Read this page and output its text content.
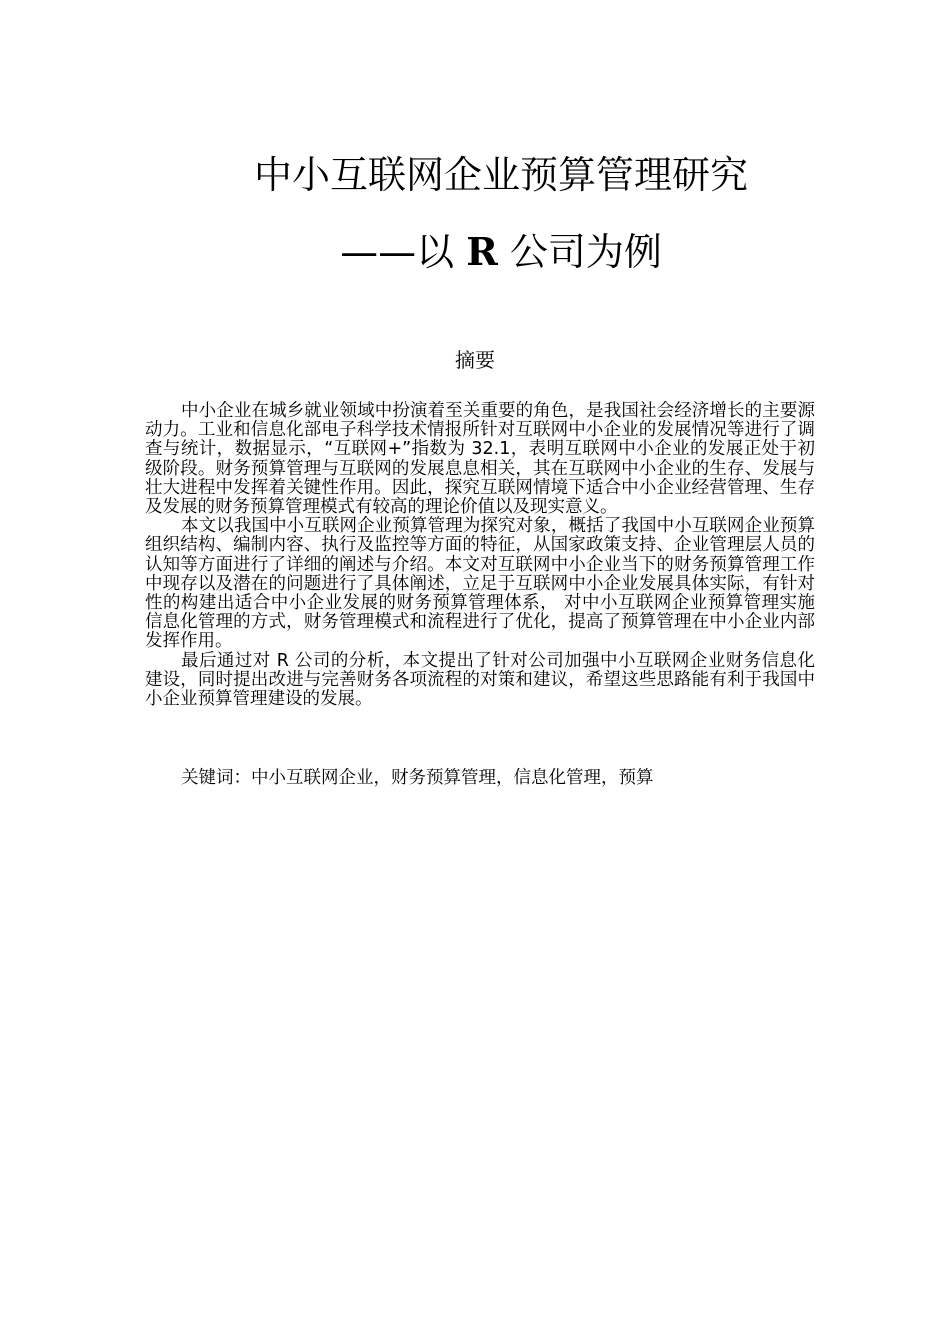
中小互联网企业预算管理研究
——以 R 公司为例
摘要

中小企业在城乡就业领域中扮演着至关重要的角色，是我国社会经济增长的主要源动力。工业和信息化部电子科学技术情报所针对互联网中小企业的发展情况等进行了调查与统计，数据显示，“互联网+”指数为 32.1，表明互联网中小企业的发展正处于初级阶段。财务预算管理与互联网的发展息息相关，其在互联网中小企业的生存、发展与壮大进程中发挥着关键性作用。因此，探究互联网情境下适合中小企业经营管理、生存及发展的财务预算管理模式有较高的理论价值以及现实意义。

本文以我国中小互联网企业预算管理为探究对象，概括了我国中小互联网企业预算组织结构、编制内容、执行及监控等方面的特征，从国家政策支持、企业管理层人员的认知等方面进行了详细的阐述与介绍。本文对互联网中小企业当下的财务预算管理工作中现存以及潜在的问题进行了具体阐述，立足于互联网中小企业发展具体实际，有针对性的构建出适合中小企业发展的财务预算管理体系， 对中小互联网企业预算管理实施信息化管理的方式，财务管理模式和流程进行了优化，提高了预算管理在中小企业内部发挥作用。

最后通过对 R 公司的分析，本文提出了针对公司加强中小互联网企业财务信息化建设，同时提出改进与完善财务各项流程的对策和建议，希望这些思路能有利于我国中小企业预算管理建设的发展。

关键词：中小互联网企业，财务预算管理，信息化管理，预算
